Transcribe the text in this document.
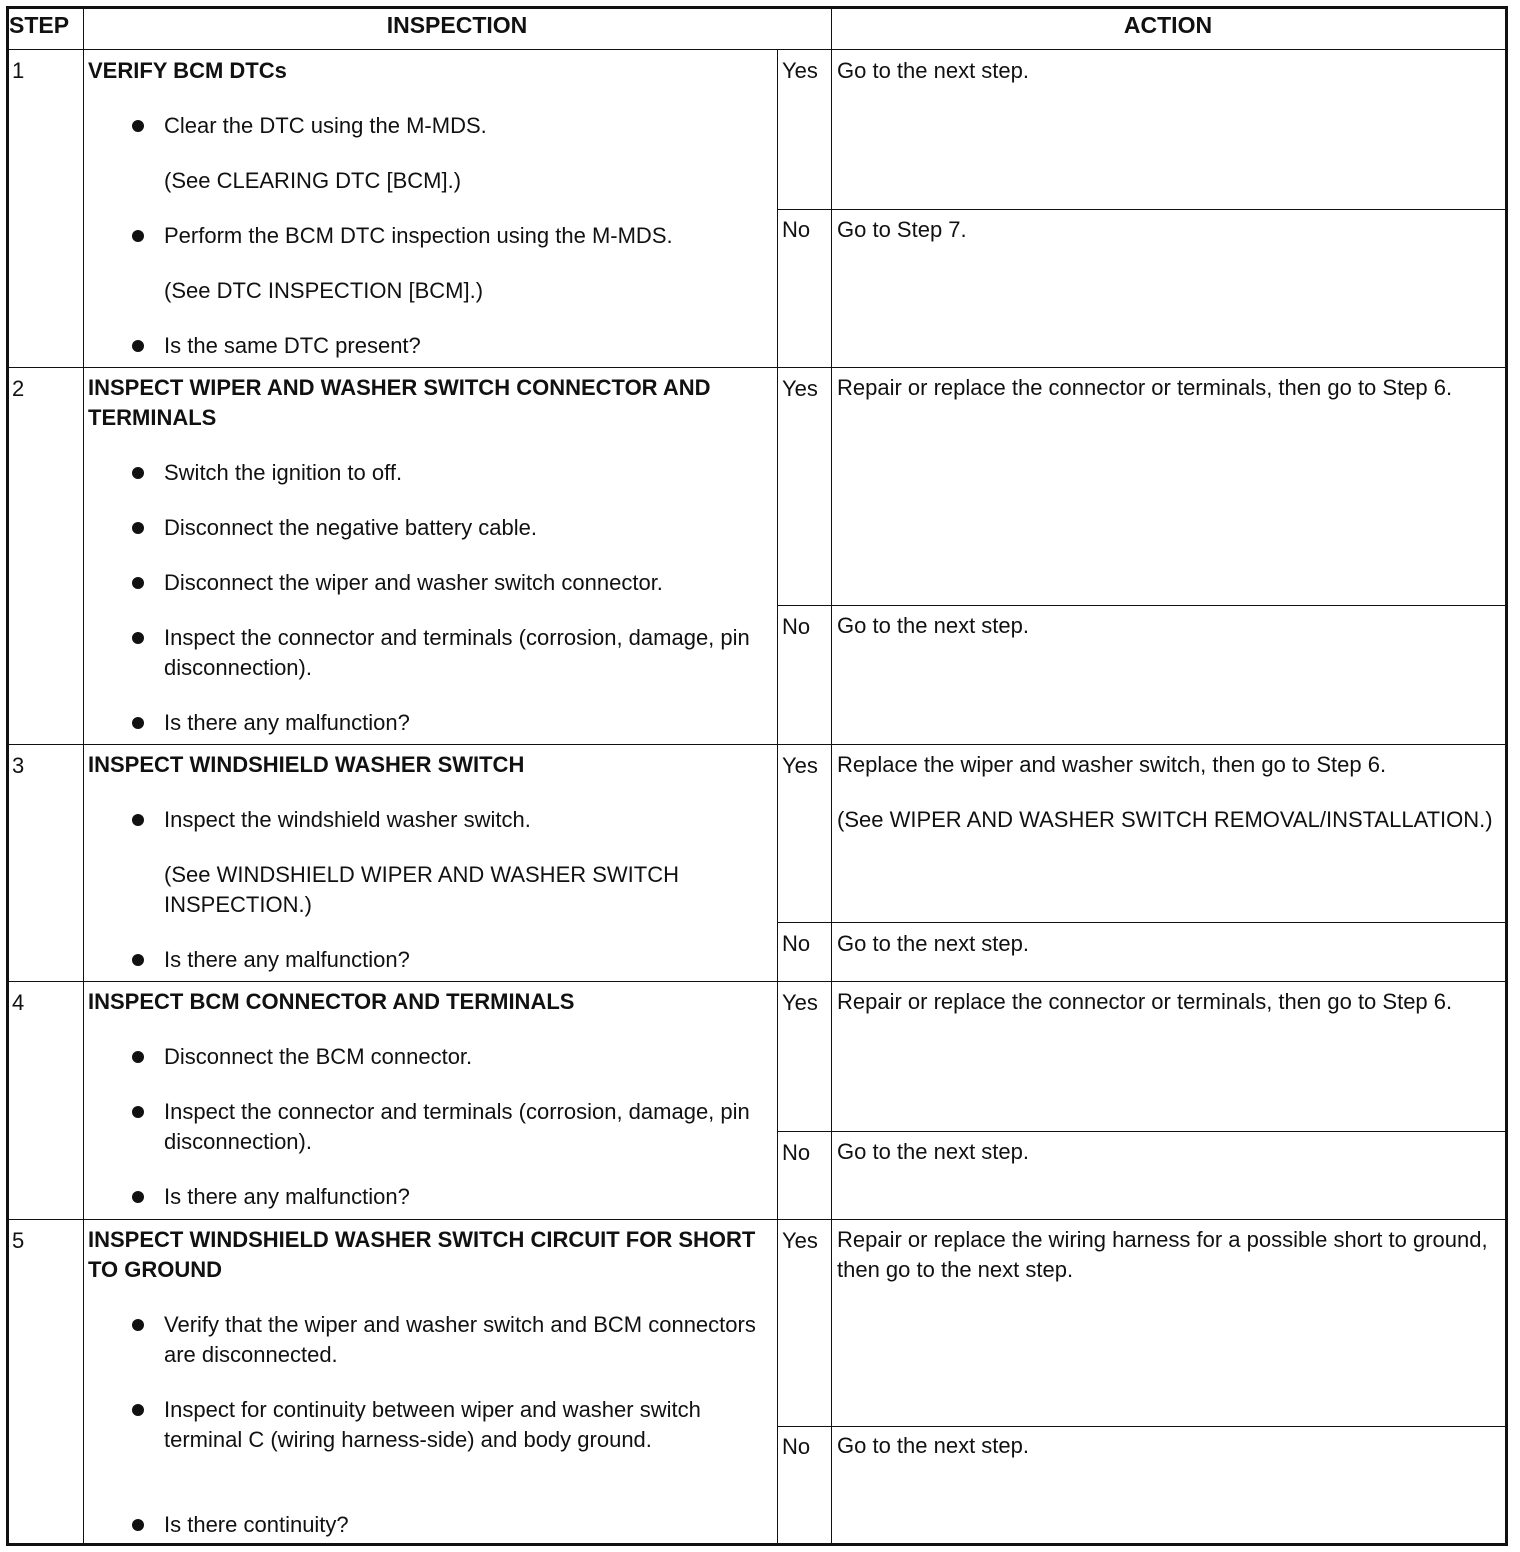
STEP	INSPECTION	ACTION
1	VERIFY BCM DTCs
Clear the DTC using the M-MDS.
(See CLEARING DTC [BCM].)
Perform the BCM DTC inspection using the M-MDS.
(See DTC INSPECTION [BCM].)
Is the same DTC present?
Yes Go to the next step.
No Go to Step 7.
2	INSPECT WIPER AND WASHER SWITCH CONNECTOR AND TERMINALS
Switch the ignition to off.
Disconnect the negative battery cable.
Disconnect the wiper and washer switch connector.
Inspect the connector and terminals (corrosion, damage, pin disconnection).
Is there any malfunction?
Yes Repair or replace the connector or terminals, then go to Step 6.
No Go to the next step.
3	INSPECT WINDSHIELD WASHER SWITCH
Inspect the windshield washer switch.
(See WINDSHIELD WIPER AND WASHER SWITCH INSPECTION.)
Is there any malfunction?
Yes Replace the wiper and washer switch, then go to Step 6.
(See WIPER AND WASHER SWITCH REMOVAL/INSTALLATION.)
No Go to the next step.
4	INSPECT BCM CONNECTOR AND TERMINALS
Disconnect the BCM connector.
Inspect the connector and terminals (corrosion, damage, pin disconnection).
Is there any malfunction?
Yes Repair or replace the connector or terminals, then go to Step 6.
No Go to the next step.
5	INSPECT WINDSHIELD WASHER SWITCH CIRCUIT FOR SHORT TO GROUND
Verify that the wiper and washer switch and BCM connectors are disconnected.
Inspect for continuity between wiper and washer switch terminal C (wiring harness-side) and body ground.
Is there continuity?
Yes Repair or replace the wiring harness for a possible short to ground, then go to the next step.
No Go to the next step.
